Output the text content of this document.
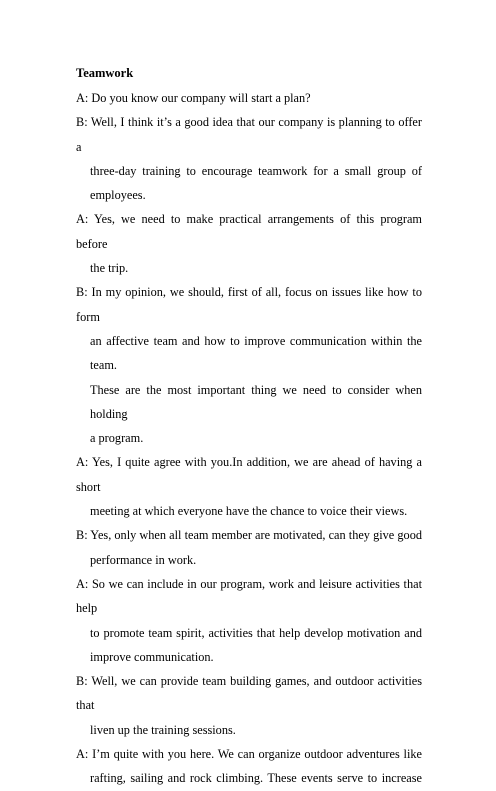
Teamwork

A: Do you know our company will start a plan?

B: Well, I think it’s a good idea that our company is planning to offer a

three-day training to encourage teamwork for a small group of

employees.

A: Yes, we need to make practical arrangements of this program before

the trip.

B: In my opinion, we should, first of all, focus on issues like how to form

an affective team and how to improve communication within the team.

These are the most important thing we need to consider when holding

a program.

A: Yes, I quite agree with you.In addition, we are ahead of having a short

meeting at which everyone have the chance to voice their views.

B: Yes, only when all team member are motivated, can they give good

performance in work.

A: So we can include in our program, work and leisure activities that help

to promote team spirit, activities that help develop motivation and

improve communication.

B: Well, we can provide team building games, and outdoor activities that

liven up the training sessions.

A: I’m quite with you here. We can organize outdoor adventures like

rafting, sailing and rock climbing. These events serve to increase
